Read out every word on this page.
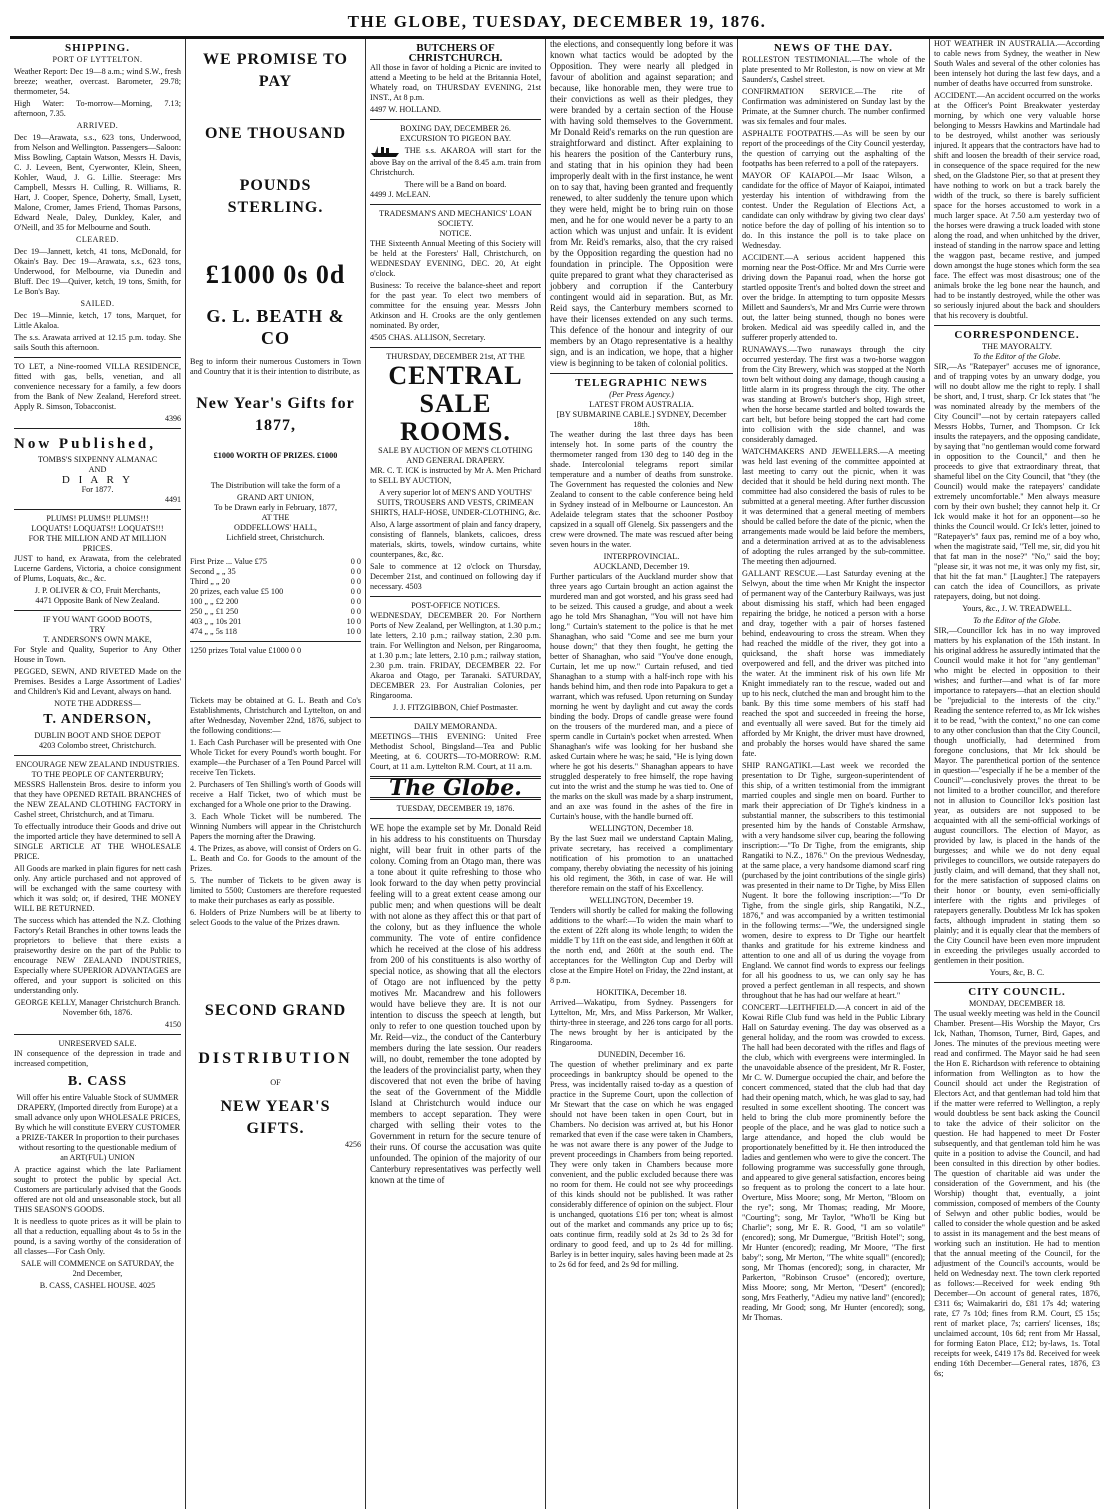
THE GLOBE, TUESDAY, DECEMBER 19, 1876.
SHIPPING.
PORT OF LYTTELTON.

Weather Report: Dec 19—8 a.m.; wind S.W., fresh breeze; weather, overcast. Barometer, 29.78; thermometer, 54.

High Water: To-morrow—Morning, 7.13; afternoon, 7.35.

ARRIVED.

Dec 19—Arawata, s.s., 623 tons, Underwood, from Nelson and Wellington. Passengers—Saloon: Miss Bowling, Captain Watson, Messrs H. Davis, C. J. Leveen, Bent, Cyerwonter, Klein, Sheen, Kohler, Waud, J. G. Lillie. Steerage: Mrs Campbell, Messrs H. Culling, R. Williams, R. Hart, J. Cooper, Spence, Doherty, Small, Lysett, Malone, Cromer, James Friend, Thomas Parsons, Edward Neale, Daley, Dunkley, Kaler, and O'Neill, and 35 for Melbourne and South.

CLEARED.

Dec 19—Jannett, ketch, 41 tons, McDonald, for Okain's Bay. Dec 19—Arawata, s.s., 623 tons, Underwood, for Melbourne, via Dunedin and Bluff. Dec 19—Quiver, ketch, 19 tons, Smith, for Le Bon's Bay.

SAILED.

Dec 19—Minnie, ketch, 17 tons, Marquet, for Little Akaloa.

The s.s. Arawata arrived at 12.15 p.m. today. She sails South this afternoon.

TO LET, a Nine-roomed VILLA RESIDENCE, fitted with gas, bells, venetian, and all convenience necessary for a family, a few doors from the Bank of New Zealand, Hereford street. Apply R. Simson, Tobacconist.

4396
Now Published,
TOMBS'S SIXPENNY ALMANAC
AND
D I A R Y
For 1877.
4491
PLUMS! PLUMS!! PLUMS!!!
LOQUATS! LOQUATS!! LOQUATS!!!
FOR THE MILLION AND AT MILLION PRICES.

JUST to hand, ex Arawata, from the celebrated Lucerne Gardens, Victoria, a choice consignment of Plums, Loquats, &c., &c.

J. P. OLIVER & CO, Fruit Merchants,
4471 Opposite Bank of New Zealand.
IF YOU WANT GOOD BOOTS,
TRY
T. ANDERSON'S OWN MAKE,

For Style and Quality, Superior to Any Other House in Town.

PEGGED, SEWN, AND RIVETED Made on the Premises. Besides a Large Assortment of Ladies' and Children's Kid and Levant, always on hand.

NOTE THE ADDRESS—
T. ANDERSON,
DUBLIN BOOT AND SHOE DEPOT
4203 Colombo street, Christchurch.
ENCOURAGE NEW ZEALAND INDUSTRIES.
TO THE PEOPLE OF CANTERBURY;

MESSRS Hallenstein Bros. desire to inform you that they have OPENED RETAIL BRANCHES of the NEW ZEALAND CLOTHING FACTORY in Cashel street, Christchurch, and at Timaru.

To effectually introduce their Goods and drive out the imported article they have determined to sell A SINGLE ARTICLE AT THE WHOLESALE PRICE.

All Goods are marked in plain figures for nett cash only. Any article purchased and not approved of will be exchanged with the same courtesy with which it was sold; or, if desired, THE MONEY WILL BE RETURNED.

The success which has attended the N.Z. Clothing Factory's Retail Branches in other towns leads the proprietors to believe that there exists a praiseworthy desire on the part of the Public to encourage NEW ZEALAND INDUSTRIES, Especially where SUPERIOR ADVANTAGES are offered, and your support is solicited on this understanding only.

GEORGE KELLY, Manager Christchurch Branch. November 6th, 1876.

4150
UNRESERVED SALE.

IN consequence of the depression in trade and increased competition,

B. CASS

Will offer his entire Valuable Stock of SUMMER DRAPERY, (Imported directly from Europe) at a small advance only upon WHOLESALE PRICES, By which he will constitute EVERY CUSTOMER a PRIZE-TAKER In proportion to their purchases without resorting to the questionable medium of an ART(FUL) UNION

A practice against which the late Parliament sought to protect the public by special Act. Customers are particularly advised that the Goods offered are not old and unseasonable stock, but all THIS SEASON'S GOODS.

It is needless to quote prices as it will be plain to all that a reduction, equalling about 4s to 5s in the pound, is a saving worthy of the consideration of all classes—For Cash Only.

SALE will COMMENCE on SATURDAY, the 2nd December,

B. CASS, CASHEL HOUSE. 4025

WE PROMISE TO PAY
ONE THOUSAND
POUNDS STERLING.
£1000 0s 0d
G. L. BEATH & CO

Beg to inform their numerous Customers in Town and Country that it is their intention to distribute, as

New Year's Gifts for 1877,
£1000 WORTH OF PRIZES. £1000

The Distribution will take the form of a

GRAND ART UNION,
To be Drawn early in February, 1877,
AT THE
ODDFELLOWS' HALL,
Lichfield street, Christchurch.
First Prize ... Value £75	0 0
Second „ „ 35	0 0
Third „ „ 20	0 0
20 prizes, each value £5 100	0 0
100 „ „ £2 200	0 0
250 „ „ £1 250	0 0
403 „ „ 10s 201	10 0
474 „ „ 5s 118	10 0
1250 prizes Total value £1000 0 0

Tickets may be obtained at G. L. Beath and Co's Establishments, Christchurch and Lyttelton, on and after Wednesday, November 22nd, 1876, subject to the following conditions:—

1. Each Cash Purchaser will be presented with One Whole Ticket for every Pound's worth bought. For example—the Purchaser of a Ten Pound Parcel will receive Ten Tickets.

2. Purchasers of Ten Shilling's worth of Goods will receive a Half Ticket, two of which must be exchanged for a Whole one prior to the Drawing.

3. Each Whole Ticket will be numbered. The Winning Numbers will appear in the Christchurch Papers the morning after the Drawing.

4. The Prizes, as above, will consist of Orders on G. L. Beath and Co. for Goods to the amount of the Prizes.

5. The number of Tickets to be given away is limited to 5500; Customers are therefore requested to make their purchases as early as possible.

6. Holders of Prize Numbers will be at liberty to select Goods to the value of the Prizes drawn.

SECOND GRAND
DISTRIBUTION
OF
NEW YEAR'S GIFTS.
4256
BUTCHERS OF CHRISTCHURCH.

All those in favor of holding a Picnic are invited to attend a Meeting to be held at the Britannia Hotel, Whately road, on THURSDAY EVENING, 21st INST., At 8 p.m.

4497 W. HOLLAND.

BOXING DAY, DECEMBER 26.
EXCURSION TO PIGEON BAY.

THE s.s. AKAROA will start for the above Bay on the arrival of the 8.45 a.m. train from Christchurch.

There will be a Band on board.

4499 J. McLEAN.

TRADESMAN'S AND MECHANICS' LOAN SOCIETY.
NOTICE.

THE Sixteenth Annual Meeting of this Society will be held at the Foresters' Hall, Christchurch, on WEDNESDAY EVENING, DEC. 20, At eight o'clock.

Business: To receive the balance-sheet and report for the past year. To elect two members of committee for the ensuing year. Messrs John Atkinson and H. Crooks are the only gentlemen nominated. By order,

4505 CHAS. ALLISON, Secretary.

THURSDAY, DECEMBER 21st, AT THE
CENTRAL
SALE ROOMS.
SALE BY AUCTION OF MEN'S CLOTHING AND GENERAL DRAPERY.

MR. C. T. ICK is instructed by Mr A. Men Prichard to SELL BY AUCTION,

A very superior lot of MEN'S AND YOUTHS' SUITS, TROUSERS AND VESTS, CRIMEAN SHIRTS, HALF-HOSE, UNDER-CLOTHING, &c.

Also, A large assortment of plain and fancy drapery, consisting of flannels, blankets, calicoes, dress materials, skirts, towels, window curtains, white counterpanes, &c, &c.

Sale to commence at 12 o'clock on Thursday, December 21st, and continued on following day if necessary. 4503

POST-OFFICE NOTICES.

WEDNESDAY, DECEMBER 20. For Northern Ports of New Zealand, per Wellington, at 1.30 p.m.; late letters, 2.10 p.m.; railway station, 2.30 p.m. train. For Wellington and Nelson, per Ringarooma, at 1.30 p.m.; late letters, 2.10 p.m.; railway station, 2.30 p.m. train. FRIDAY, DECEMBER 22. For Akaroa and Otago, per Taranaki. SATURDAY, DECEMBER 23. For Australian Colonies, per Ringarooma.

J. J. FITZGIBBON, Chief Postmaster.

DAILY MEMORANDA.

MEETINGS—THIS EVENING: United Free Methodist School, Bingsland—Tea and Public Meeting, at 6. COURTS—TO-MORROW: R.M. Court, at 11 a.m. Lyttelton R.M. Court, at 11 a.m.

The Globe.
TUESDAY, DECEMBER 19, 1876.

WE hope the example set by Mr. Donald Reid in his address to his constituents on Thursday night, will bear fruit in other parts of the colony. Coming from an Otago man, there was a tone about it quite refreshing to those who look forward to the day when petty provincial feeling will to a great extent cease among our public men; and when questions will be dealt with not alone as they affect this or that part of the colony, but as they influence the whole community. The vote of entire confidence which he received at the close of his address from 200 of his constituents is also worthy of special notice, as showing that all the electors of Otago are not influenced by the petty motives Mr. Macandrew and his followers would have believe they are. It is not our intention to discuss the speech at length, but only to refer to one question touched upon by Mr. Reid—viz., the conduct of the Canterbury members during the late session. Our readers will, no doubt, remember the tone adopted by the leaders of the provincialist party, when they discovered that not even the bribe of having the seat of the Government of the Middle Island at Christchurch would induce our members to accept separation. They were charged with selling their votes to the Government in return for the secure tenure of their runs. Of course the accusation was quite unfounded. The opinion of the majority of our Canterbury representatives was perfectly well known at the time of

the elections, and consequently long before it was known what tactics would be adopted by the Opposition. They were nearly all pledged in favour of abolition and against separation; and because, like honorable men, they were true to their convictions as well as their pledges, they were branded by a certain section of the House with having sold themselves to the Government. Mr Donald Reid's remarks on the run question are straightforward and distinct. After explaining to his hearers the position of the Canterbury runs, and stating that in his opinion they had been improperly dealt with in the first instance, he went on to say that, having been granted and frequently renewed, to alter suddenly the tenure upon which they were held, might be to bring ruin on those men, and he for one would never be a party to an action which was unjust and unfair. It is evident from Mr. Reid's remarks, also, that the cry raised by the Opposition regarding the question had no foundation in principle. The Opposition were quite prepared to grant what they characterised as jobbery and corruption if the Canterbury contingent would aid in separation. But, as Mr. Reid says, the Canterbury members scorned to have their licenses extended on any such terms. This defence of the honour and integrity of our members by an Otago representative is a healthy sign, and is an indication, we hope, that a higher view is beginning to be taken of colonial politics.

TELEGRAPHIC NEWS
(Per Press Agency.)
LATEST FROM AUSTRALIA.
[BY SUBMARINE CABLE.] SYDNEY, December 18th.

The weather during the last three days has been intensely hot. In some parts of the country the thermometer ranged from 130 deg to 140 deg in the shade. Intercolonial telegrams report similar temperature and a number of deaths from sunstroke. The Government has requested the colonies and New Zealand to consent to the cable conference being held in Sydney instead of in Melbourne or Launceston. An Adelaide telegram states that the schooner Postboy capsized in a squall off Glenelg. Six passengers and the crew were drowned. The mate was rescued after being seven hours in the water.

INTERPROVINCIAL.
AUCKLAND, December 19.

Further particulars of the Auckland murder show that three years ago Curtain brought an action against the murdered man and got worsted, and his grass seed had to be seized. This caused a grudge, and about a week ago he told Mrs Shanaghan, "You will not have him long." Curtain's statement to the police is that he met Shanaghan, who said "Come and see me burn your house down;" that they then fought, he getting the better of Shanaghan, who said "You've done enough, Curtain, let me up now." Curtain refused, and tied Shanaghan to a stump with a half-inch rope with his hands behind him, and then rode into Papakura to get a warrant, which was refused. Upon returning on Sunday morning he went by daylight and cut away the cords binding the body. Drops of candle grease were found on the trousers of the murdered man, and a piece of sperm candle in Curtain's pocket when arrested. When Shanaghan's wife was looking for her husband she asked Curtain where he was; he said, "He is lying down where he got his deserts." Shanaghan appears to have struggled desperately to free himself, the rope having cut into the wrist and the stump he was tied to. One of the marks on the skull was made by a sharp instrument, and an axe was found in the ashes of the fire in Curtain's house, with the handle burned off.

WELLINGTON, December 18.

By the last Suez mail we understand Captain Maling, private secretary, has received a complimentary notification of his promotion to an unattached company, thereby obviating the necessity of his joining his old regiment, the 36th, in case of war. He will therefore remain on the staff of his Excellency.

WELLINGTON, December 19.

Tenders will shortly be called for making the following additions to the wharf:—To widen the main wharf to the extent of 22ft along its whole length; to widen the middle T by 11ft on the east side, and lengthen it 60ft at the north end, and 260ft at the south end. The acceptances for the Wellington Cup and Derby will close at the Empire Hotel on Friday, the 22nd instant, at 8 p.m.

HOKITIKA, December 18.

Arrived—Wakatipu, from Sydney. Passengers for Lyttelton, Mr, Mrs, and Miss Parkerson, Mr Walker, thirty-three in steerage, and 226 tons cargo for all ports. The news brought by her is anticipated by the Ringarooma.

DUNEDIN, December 16.

The question of whether preliminary and ex parte proceedings in bankruptcy should be opened to the Press, was incidentally raised to-day as a question of practice in the Supreme Court, upon the collection of Mr Stewart that the case on which he was engaged should not have been taken in open Court, but in Chambers. No decision was arrived at, but his Honor remarked that even if the case were taken in Chambers, he was not aware there is any power of the Judge to prevent proceedings in Chambers from being reported. They were only taken in Chambers because more convenient, and the public excluded because there was no room for them. He could not see why proceedings of this kinds should not be published. It was rather considerably difference of opinion on the subject. Flour is unchanged, quotations £16 per ton; wheat is almost out of the market and commands any price up to 6s; oats continue firm, readily sold at 2s 3d to 2s 3d for ordinary to good feed, and up to 2s 4d for milling. Barley is in better inquiry, sales having been made at 2s to 2s 6d for feed, and 2s 9d for milling.

NEWS OF THE DAY.

ROLLESTON TESTIMONIAL.—The whole of the plate presented to Mr Rolleston, is now on view at Mr Saunders's, Cashel street.

CONFIRMATION SERVICE.—The rite of Confirmation was administered on Sunday last by the Primate, at the Sumner church. The number confirmed was six females and four males.

ASPHALTE FOOTPATHS.—As will be seen by our report of the proceedings of the City Council yesterday, the question of carrying out the asphalting of the footpaths has been referred to a poll of the ratepayers.

MAYOR OF KAIAPOI.—Mr Isaac Wilson, a candidate for the office of Mayor of Kaiapoi, intimated yesterday his intention of withdrawing from the contest. Under the Regulation of Elections Act, a candidate can only withdraw by giving two clear days' notice before the day of polling of his intention so to do. In this instance the poll is to take place on Wednesday.

ACCIDENT.—A serious accident happened this morning near the Post-Office. Mr and Mrs Currie were driving down the Papanui road, when the horse got startled opposite Trent's and bolted down the street and over the bridge. In attempting to turn opposite Messrs Millett and Saunders's, Mr and Mrs Currie were thrown out, the latter being stunned, though no bones were broken. Medical aid was speedily called in, and the sufferer properly attended to.

RUNAWAYS.—Two runaways through the city occurred yesterday. The first was a two-horse waggon from the City Brewery, which was stopped at the North town belt without doing any damage, though causing a little alarm in its progress through the city. The other was standing at Brown's butcher's shop, High street, when the horse became startled and bolted towards the cart belt, but before being stopped the cart had come into collision with the side channel, and was considerably damaged.

WATCHMAKERS AND JEWELLERS.—A meeting was held last evening of the committee appointed at last meeting to carry out the picnic, when it was decided that it should be held during next month. The committee had also considered the basis of rules to be submitted at a general meeting. After further discussion it was determined that a general meeting of members should be called before the date of the picnic, when the arrangements made would be laid before the members, and a determination arrived at as to the advisableness of adopting the rules arranged by the sub-committee. The meeting then adjourned.

GALLANT RESCUE.—Last Saturday evening at the Selwyn, about the time when Mr Knight the inspector of permanent way of the Canterbury Railways, was just about dismissing his staff, which had been engaged repairing the bridge, he noticed a person with a horse and dray, together with a pair of horses fastened behind, endeavouring to cross the stream. When they had reached the middle of the river, they got into a quicksand, the shaft horse was immediately overpowered and fell, and the driver was pitched into the water. At the imminent risk of his own life Mr Knight immediately ran to the rescue, waded out and up to his neck, clutched the man and brought him to the bank. By this time some members of his staff had reached the spot and succeeded in freeing the horse, and eventually all were saved. But for the timely aid afforded by Mr Knight, the driver must have drowned, and probably the horses would have shared the same fate.

SHIP RANGATIKI.—Last week we recorded the presentation to Dr Tighe, surgeon-superintendent of this ship, of a written testimonial from the immigrant married couples and single men on board. Further to mark their appreciation of Dr Tighe's kindness in a substantial manner, the subscribers to this testimonial presented him by the hands of Constable Armshaw, with a very handsome silver cup, bearing the following inscription:—"To Dr Tighe, from the emigrants, ship Rangatiki to N.Z., 1876." On the previous Wednesday, at the same place, a very handsome diamond scarf ring (purchased by the joint contributions of the single girls) was presented in their name to Dr Tighe, by Miss Ellen Nugent. It bore the following inscription:—"To Dr Tighe, from the single girls, ship Rangatiki, N.Z., 1876," and was accompanied by a written testimonial in the following terms:—"We, the undersigned single women, desire to express to Dr Tighe our heartfelt thanks and gratitude for his extreme kindness and attention to one and all of us during the voyage from England. We cannot find words to express our feelings for all his goodness to us, we can only say he has proved a perfect gentleman in all respects, and shown throughout that he has had our welfare at heart."

CONCERT—LEITHFIELD.—A concert in aid of the Kowai Rifle Club fund was held in the Public Library Hall on Saturday evening. The day was observed as a general holiday, and the room was crowded to excess. The hall had been decorated with the rifles and flags of the club, which with evergreens were intermingled. In the unavoidable absence of the president, Mr R. Foster, Mr C. W. Dumergue occupied the chair, and before the concert commenced, stated that the club had that day had their opening match, which, he was glad to say, had resulted in some excellent shooting. The concert was held to bring the club more prominently before the people of the place, and he was glad to notice such a large attendance, and hoped the club would be proportionately benefitted by it. He then introduced the ladies and gentlemen who were to give the concert. The following programme was successfully gone through, and appeared to give general satisfaction, encores being so frequent as to prolong the concert to a late hour. Overture, Miss Moore; song, Mr Merton, "Bloom on the rye"; song, Mr Thomas; reading, Mr Moore, "Courting"; song, Mr Taylor, "Who'll be King but Charlie"; song, Mr E. R. Good, "I am so volatile" (encored); song, Mr Dumergue, "British Hotel"; song, Mr Hunter (encored); reading, Mr Moore, "The first baby"; song, Mr Merton, "The white squall" (encored); song, Mr Thomas (encored); song, in character, Mr Parkerton, "Robinson Crusoe" (encored); overture, Miss Moore; song, Mr Merton, "Desert" (encored); song, Mrs Featherly, "Adieu my native land" (encored); reading, Mr Good; song, Mr Hunter (encored); song, Mr Thomas.

HOT WEATHER IN AUSTRALIA.—According to cable news from Sydney, the weather in New South Wales and several of the other colonies has been intensely hot during the last few days, and a number of deaths have occurred from sunstroke.

ACCIDENT.—An accident occurred on the works at the Officer's Point Breakwater yesterday morning, by which one very valuable horse belonging to Messrs Hawkins and Martindale had to be destroyed, whilst another was seriously injured. It appears that the contractors have had to shift and loosen the breadth of their service road, in consequence of the space required for the new shed, on the Gladstone Pier, so that at present they have nothing to work on but a track barely the width of the truck, so there is barely sufficient space for the horses accustomed to work in a much larger space. At 7.50 a.m yesterday two of the horses were drawing a truck loaded with stone along the road, and when unhitched by the driver, instead of standing in the narrow space and letting the waggon past, became restive, and jumped down amongst the huge stones which form the sea face. The effect was most disastrous; one of the animals broke the leg bone near the haunch, and had to be instantly destroyed, while the other was so seriously injured about the back and shoulders that his recovery is doubtful.

CORRESPONDENCE.
THE MAYORALTY.
To the Editor of the Globe.

SIR,—As "Ratepayer" accuses me of ignorance, and of trapping votes by an unwary dodge, you will no doubt allow me the right to reply. I shall be short, and, I trust, sharp. Cr Ick states that "he was nominated already by the members of the City Council"—not by certain ratepayers called Messrs Hobbs, Turner, and Thompson. Cr Ick insults the ratepayers, and the opposing candidate, by saying that "no gentleman would come forward in opposition to the Council," and then he proceeds to give that extraordinary threat, that shameful libel on the City Council, that "they (the Council) would make the ratepayers' candidate extremely uncomfortable." Men always measure corn by their own bushel; they cannot help it. Cr Ick would make it hot for an opponent—so he thinks the Council would. Cr Ick's letter, joined to "Ratepayer's" faux pas, remind me of a boy who, when the magistrate said, "Tell me, sir, did you hit that fat man in the nose?" "No," said the boy; "please sir, it was not me, it was only my fist, sir, that hit the fat man." [Laughter.] The ratepayers can catch the idea of Councillors, as private ratepayers, doing, but not doing.

Yours, &c., J. W. TREADWELL.

To the Editor of the Globe.

SIR,—Councillor Ick has in no way improved matters by his explanation of the 15th instant. In his original address he assuredly intimated that the Council would make it hot for "any gentleman" who might be elected in opposition to their wishes; and further—and what is of far more importance to ratepayers—that an election should be "prejudicial to the interests of the city." Reading the sentence referred to, as Mr Ick wishes it to be read, "with the context," no one can come to any other conclusion than that the City Council, though unofficially, had determined from foregone conclusions, that Mr Ick should be Mayor. The parenthetical portion of the sentence in question—"especially if he be a member of the Council"—conclusively proves the threat to be not limited to a brother councillor, and therefore not in allusion to Councillor Ick's position last year, as outsiders are not supposed to be acquainted with all the semi-official workings of august councillors. The election of Mayor, as provided by law, is placed in the hands of the burgesses; and while we do not deny equal privileges to councillors, we outside ratepayers do justly claim, and will demand, that they shall not, for the mere satisfaction of supposed claims on their honor or bounty, even semi-officially interfere with the rights and privileges of ratepayers generally. Doubtless Mr Ick has spoken facts, although imprudent in stating them so plainly; and it is equally clear that the members of the City Council have been even more imprudent in exceeding the privileges usually accorded to gentlemen in their position.

Yours, &c, B. C.

CITY COUNCIL.
MONDAY, DECEMBER 18.

The usual weekly meeting was held in the Council Chamber. Present—His Worship the Mayor, Crs Ick, Nathan, Thomson, Turner, Bird, Gapes, and Jones. The minutes of the previous meeting were read and confirmed. The Mayor said he had seen the Hon E. Richardson with reference to obtaining information from Wellington as to how the Council should act under the Registration of Electors Act, and that gentleman had told him that if the matter were referred to Wellington, a reply would doubtless be sent back asking the Council to take the advice of their solicitor on the question. He had happened to meet Dr Foster subsequently, and that gentleman told him he was quite in a position to advise the Council, and had been consulted in this direction by other bodies. The question of charitable aid was under the consideration of the Government, and his (the Worship) thought that, eventually, a joint commission, composed of members of the County of Selwyn and other public bodies, would be called to consider the whole question and be asked to assist in its management and the best means of working such an institution. He had to mention that the annual meeting of the Council, for the adjustment of the Council's accounts, would be held on Wednesday next. The town clerk reported as follows:—Received for week ending 9th December—On account of general rates, 1876, £311 6s; Waimakariri do, £81 17s 4d; watering rate, £7 7s 10d; fines from R.M. Court, £5 15s; rent of market place, 7s; carriers' licenses, 18s; unclaimed account, 10s 6d; rent from Mr Hassal, for forming Eaton Place, £12; by-laws, 1s. Total receipts for week, £419 17s 8d. Received for week ending 16th December—General rates, 1876, £3 6s;
